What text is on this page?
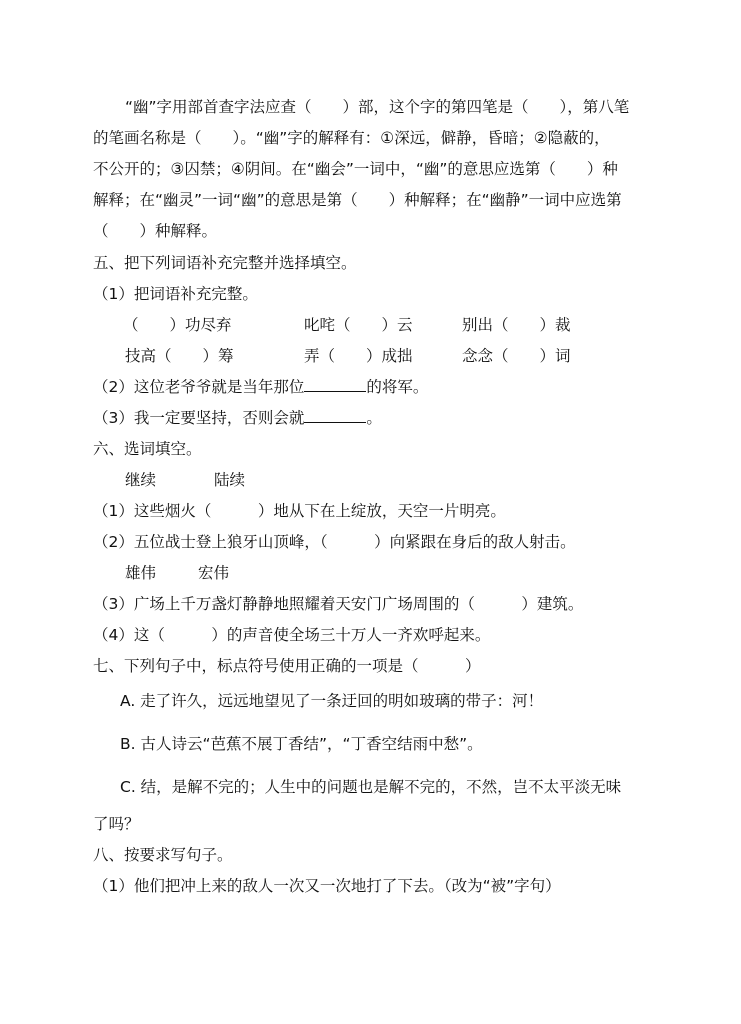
“幽”字用部首查字法应查（　　）部，这个字的第四笔是（　　），第八笔
的笔画名称是（　　）。“幽”字的解释有：①深远，僻静，昏暗；②隐蔽的，
不公开的；③囚禁；④阴间。在“幽会”一词中，“幽”的意思应选第（　　）种
解释；在“幽灵”一词“幽”的意思是第（　　）种解释；在“幽静”一词中应选第
（　　）种解释。
五、把下列词语补充完整并选择填空。
（1）把词语补充完整。
（　　）功尽弃	叱咤（　　）云	别出（　　）裁
技高（　　）筹	弄（　　）成拙	念念（　　）词
（2）这位老爷爷就是当年那位	的将军。
（3）我一定要坚持，否则会就	。
六、选词填空。
继续	陆续
（1）这些烟火（　　　）地从下在上绽放，天空一片明亮。
（2）五位战士登上狼牙山顶峰，（　　　）向紧跟在身后的敌人射击。
雄伟	宏伟
（3）广场上千万盏灯静静地照耀着天安门广场周围的（　　　）建筑。
（4）这（　　　）的声音使全场三十万人一齐欢呼起来。
七、下列句子中，标点符号使用正确的一项是（　　　）
A. 走了许久，远远地望见了一条迂回的明如玻璃的带子：河！
B. 古人诗云“芭蕉不展丁香结”，“丁香空结雨中愁”。
C. 结，是解不完的；人生中的问题也是解不完的，不然，岂不太平淡无味
了吗？
八、按要求写句子。
（1）他们把冲上来的敌人一次又一次地打了下去。（改为“被”字句）
